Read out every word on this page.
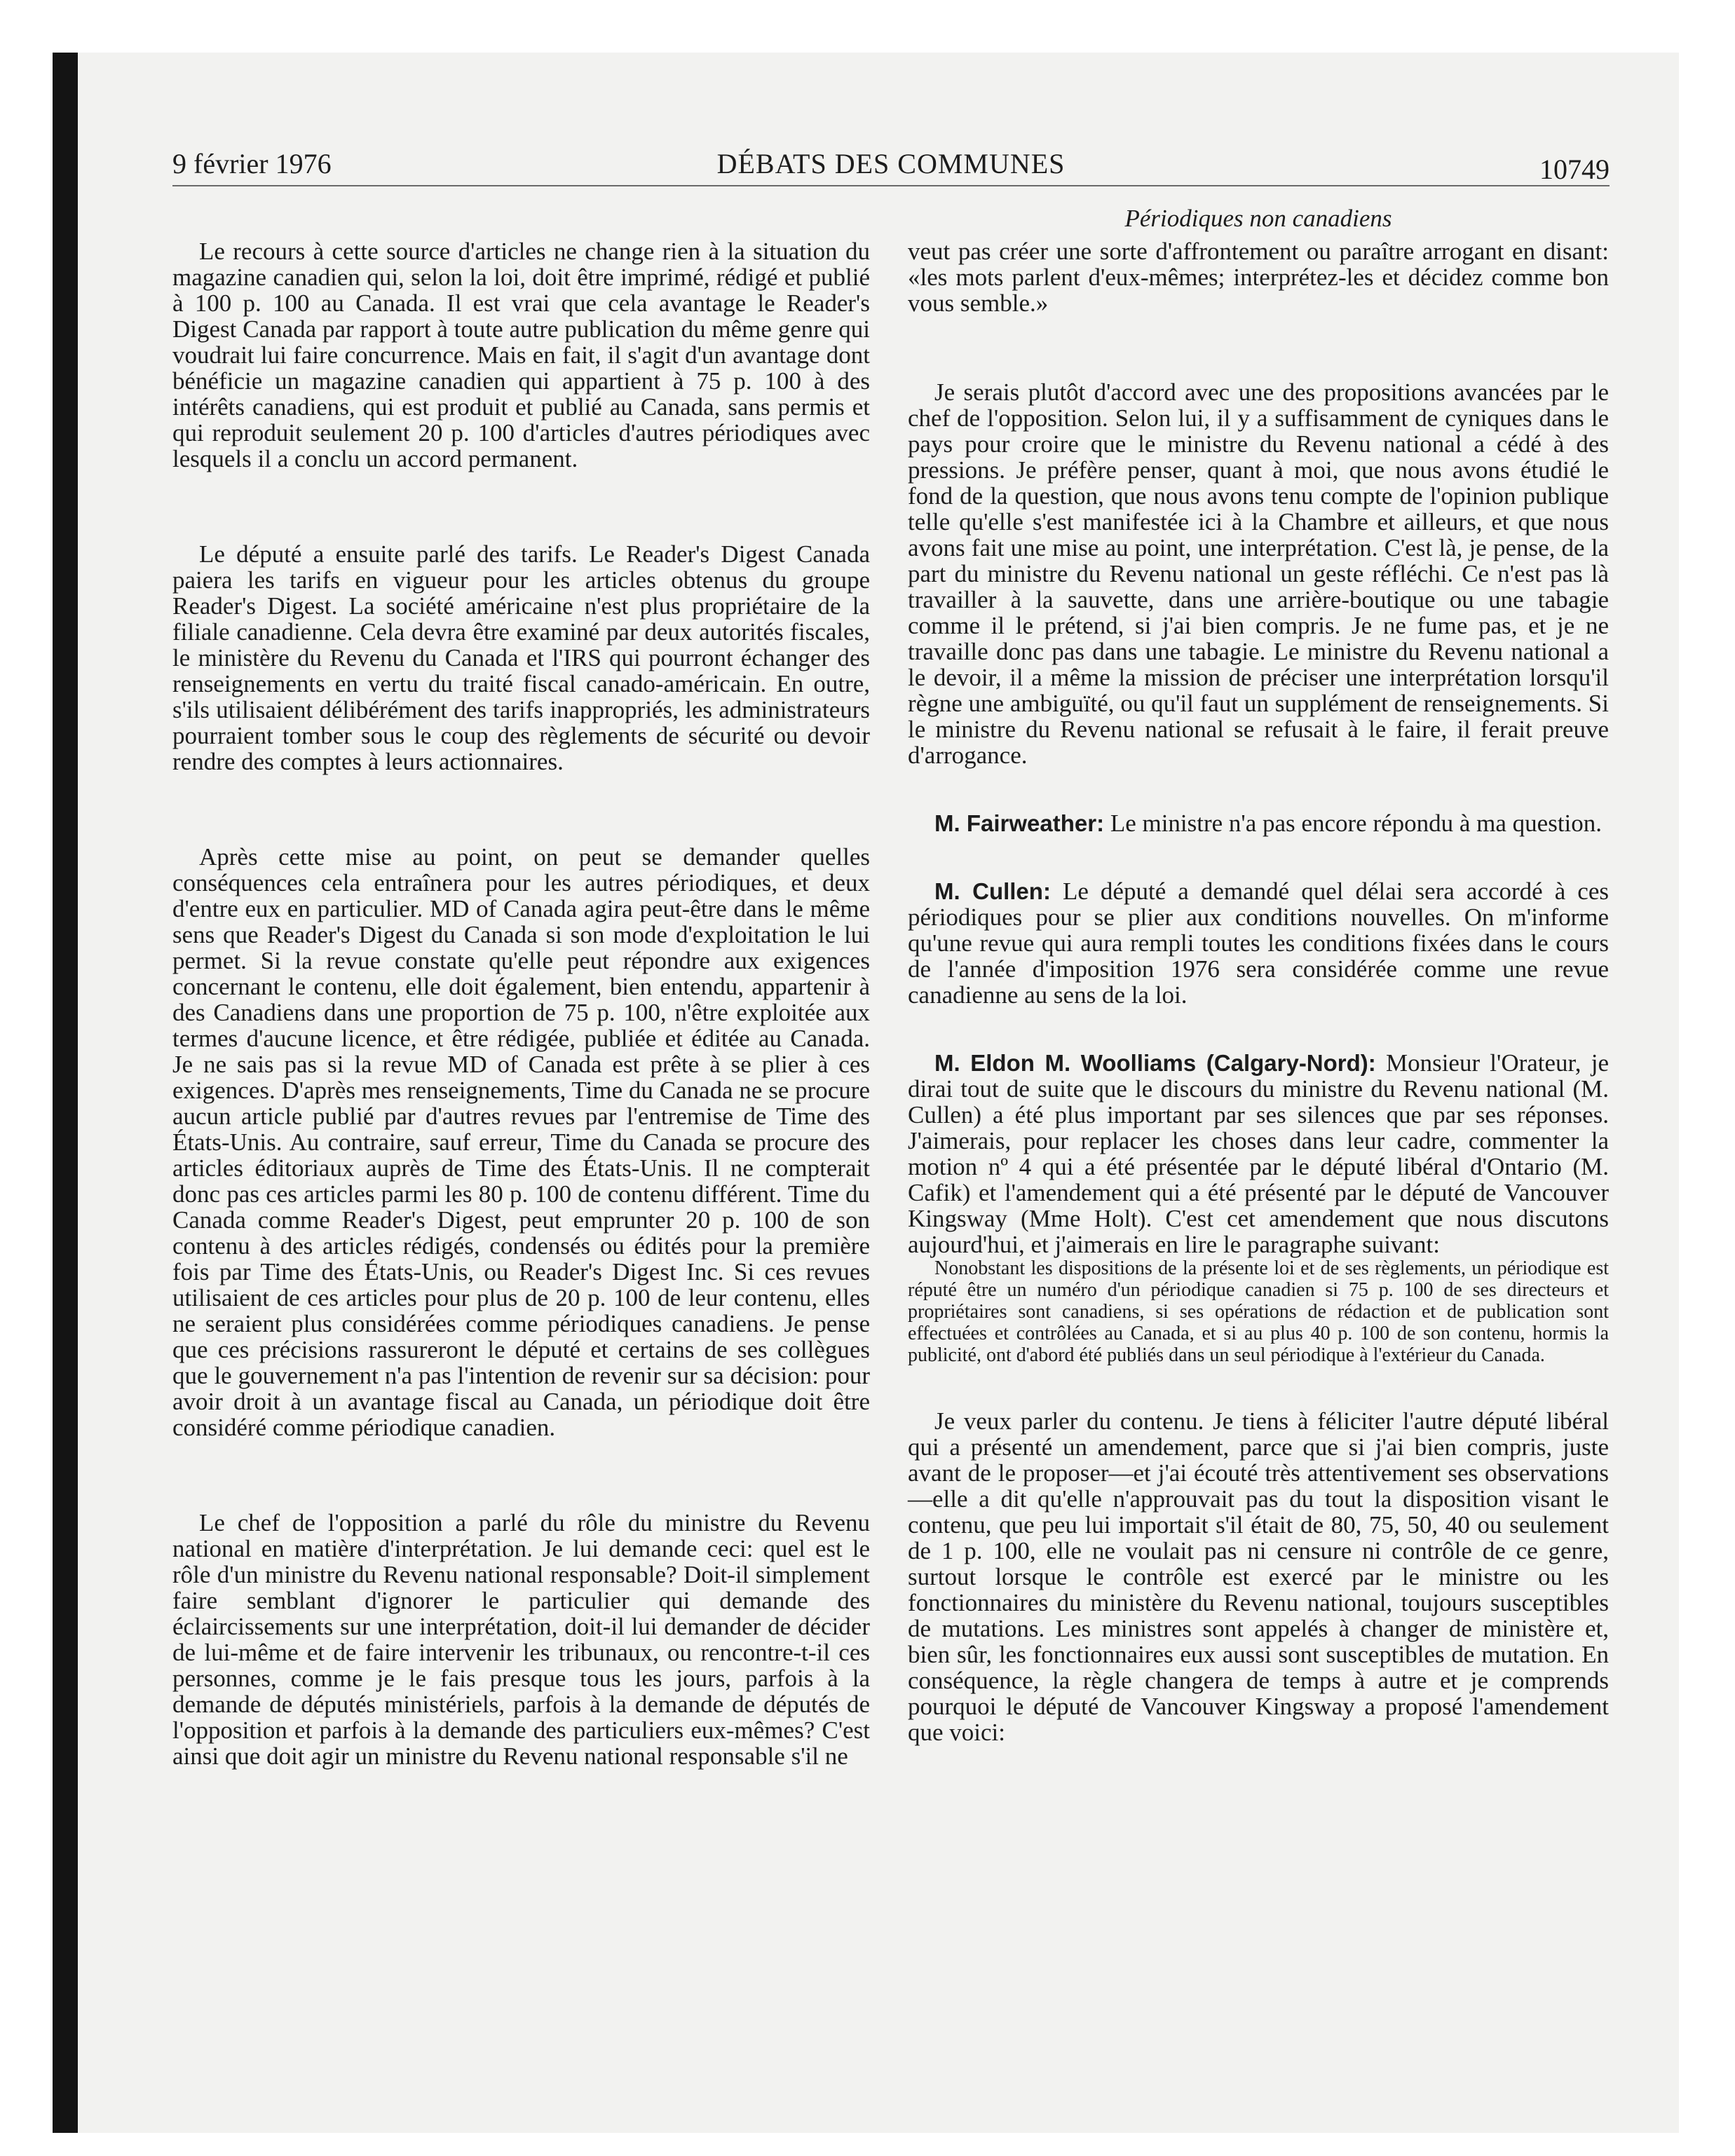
9 février 1976	DÉBATS DES COMMUNES	10749
Périodiques non canadiens

Le recours à cette source d'articles ne change rien à la situation du magazine canadien qui, selon la loi, doit être imprimé, rédigé et publié à 100 p. 100 au Canada. Il est vrai que cela avantage le Reader's Digest Canada par rapport à toute autre publication du même genre qui voudrait lui faire concurrence. Mais en fait, il s'agit d'un avantage dont bénéficie un magazine canadien qui appartient à 75 p. 100 à des intérêts canadiens, qui est produit et publié au Canada, sans permis et qui reproduit seulement 20 p. 100 d'articles d'autres périodiques avec lesquels il a conclu un accord permanent.

Le député a ensuite parlé des tarifs. Le Reader's Digest Canada paiera les tarifs en vigueur pour les articles obtenus du groupe Reader's Digest. La société américaine n'est plus propriétaire de la filiale canadienne. Cela devra être examiné par deux autorités fiscales, le ministère du Revenu du Canada et l'IRS qui pourront échanger des renseignements en vertu du traité fiscal canado-américain. En outre, s'ils utilisaient délibérément des tarifs inappropriés, les administrateurs pourraient tomber sous le coup des règlements de sécurité ou devoir rendre des comptes à leurs actionnaires.

Après cette mise au point, on peut se demander quelles conséquences cela entraînera pour les autres périodiques, et deux d'entre eux en particulier. MD of Canada agira peut-être dans le même sens que Reader's Digest du Canada si son mode d'exploitation le lui permet. Si la revue constate qu'elle peut répondre aux exigences concernant le contenu, elle doit également, bien entendu, appartenir à des Canadiens dans une proportion de 75 p. 100, n'être exploitée aux termes d'aucune licence, et être rédigée, publiée et éditée au Canada. Je ne sais pas si la revue MD of Canada est prête à se plier à ces exigences. D'après mes renseignements, Time du Canada ne se procure aucun article publié par d'autres revues par l'entremise de Time des États-Unis. Au contraire, sauf erreur, Time du Canada se procure des articles éditoriaux auprès de Time des États-Unis. Il ne compterait donc pas ces articles parmi les 80 p. 100 de contenu différent. Time du Canada comme Reader's Digest, peut emprunter 20 p. 100 de son contenu à des articles rédigés, condensés ou édités pour la première fois par Time des États-Unis, ou Reader's Digest Inc. Si ces revues utilisaient de ces articles pour plus de 20 p. 100 de leur contenu, elles ne seraient plus considérées comme périodiques canadiens. Je pense que ces précisions rassureront le député et certains de ses collègues que le gouvernement n'a pas l'intention de revenir sur sa décision: pour avoir droit à un avantage fiscal au Canada, un périodique doit être considéré comme périodique canadien.

Le chef de l'opposition a parlé du rôle du ministre du Revenu national en matière d'interprétation. Je lui demande ceci: quel est le rôle d'un ministre du Revenu national responsable? Doit-il simplement faire semblant d'ignorer le particulier qui demande des éclaircissements sur une interprétation, doit-il lui demander de décider de lui-même et de faire intervenir les tribunaux, ou rencontre-t-il ces personnes, comme je le fais presque tous les jours, parfois à la demande de députés ministériels, parfois à la demande de députés de l'opposition et parfois à la demande des particuliers eux-mêmes? C'est ainsi que doit agir un ministre du Revenu national responsable s'il ne

veut pas créer une sorte d'affrontement ou paraître arrogant en disant: «les mots parlent d'eux-mêmes; interprétez-les et décidez comme bon vous semble.»

Je serais plutôt d'accord avec une des propositions avancées par le chef de l'opposition. Selon lui, il y a suffisamment de cyniques dans le pays pour croire que le ministre du Revenu national a cédé à des pressions. Je préfère penser, quant à moi, que nous avons étudié le fond de la question, que nous avons tenu compte de l'opinion publique telle qu'elle s'est manifestée ici à la Chambre et ailleurs, et que nous avons fait une mise au point, une interprétation. C'est là, je pense, de la part du ministre du Revenu national un geste réfléchi. Ce n'est pas là travailler à la sauvette, dans une arrière-boutique ou une tabagie comme il le prétend, si j'ai bien compris. Je ne fume pas, et je ne travaille donc pas dans une tabagie. Le ministre du Revenu national a le devoir, il a même la mission de préciser une interprétation lorsqu'il règne une ambiguïté, ou qu'il faut un supplément de renseignements. Si le ministre du Revenu national se refusait à le faire, il ferait preuve d'arrogance.

M. Fairweather: Le ministre n'a pas encore répondu à ma question.

M. Cullen: Le député a demandé quel délai sera accordé à ces périodiques pour se plier aux conditions nouvelles. On m'informe qu'une revue qui aura rempli toutes les conditions fixées dans le cours de l'année d'imposition 1976 sera considérée comme une revue canadienne au sens de la loi.

M. Eldon M. Woolliams (Calgary-Nord): Monsieur l'Orateur, je dirai tout de suite que le discours du ministre du Revenu national (M. Cullen) a été plus important par ses silences que par ses réponses. J'aimerais, pour replacer les choses dans leur cadre, commenter la motion nº 4 qui a été présentée par le député libéral d'Ontario (M. Cafik) et l'amendement qui a été présenté par le député de Vancouver Kingsway (Mme Holt). C'est cet amendement que nous discutons aujourd'hui, et j'aimerais en lire le paragraphe suivant:

Nonobstant les dispositions de la présente loi et de ses règlements, un périodique est réputé être un numéro d'un périodique canadien si 75 p. 100 de ses directeurs et propriétaires sont canadiens, si ses opérations de rédaction et de publication sont effectuées et contrôlées au Canada, et si au plus 40 p. 100 de son contenu, hormis la publicité, ont d'abord été publiés dans un seul périodique à l'extérieur du Canada.

Je veux parler du contenu. Je tiens à féliciter l'autre député libéral qui a présenté un amendement, parce que si j'ai bien compris, juste avant de le proposer—et j'ai écouté très attentivement ses observations—elle a dit qu'elle n'approuvait pas du tout la disposition visant le contenu, que peu lui importait s'il était de 80, 75, 50, 40 ou seulement de 1 p. 100, elle ne voulait pas ni censure ni contrôle de ce genre, surtout lorsque le contrôle est exercé par le ministre ou les fonctionnaires du ministère du Revenu national, toujours susceptibles de mutations. Les ministres sont appelés à changer de ministère et, bien sûr, les fonctionnaires eux aussi sont susceptibles de mutation. En conséquence, la règle changera de temps à autre et je comprends pourquoi le député de Vancouver Kingsway a proposé l'amendement que voici:
